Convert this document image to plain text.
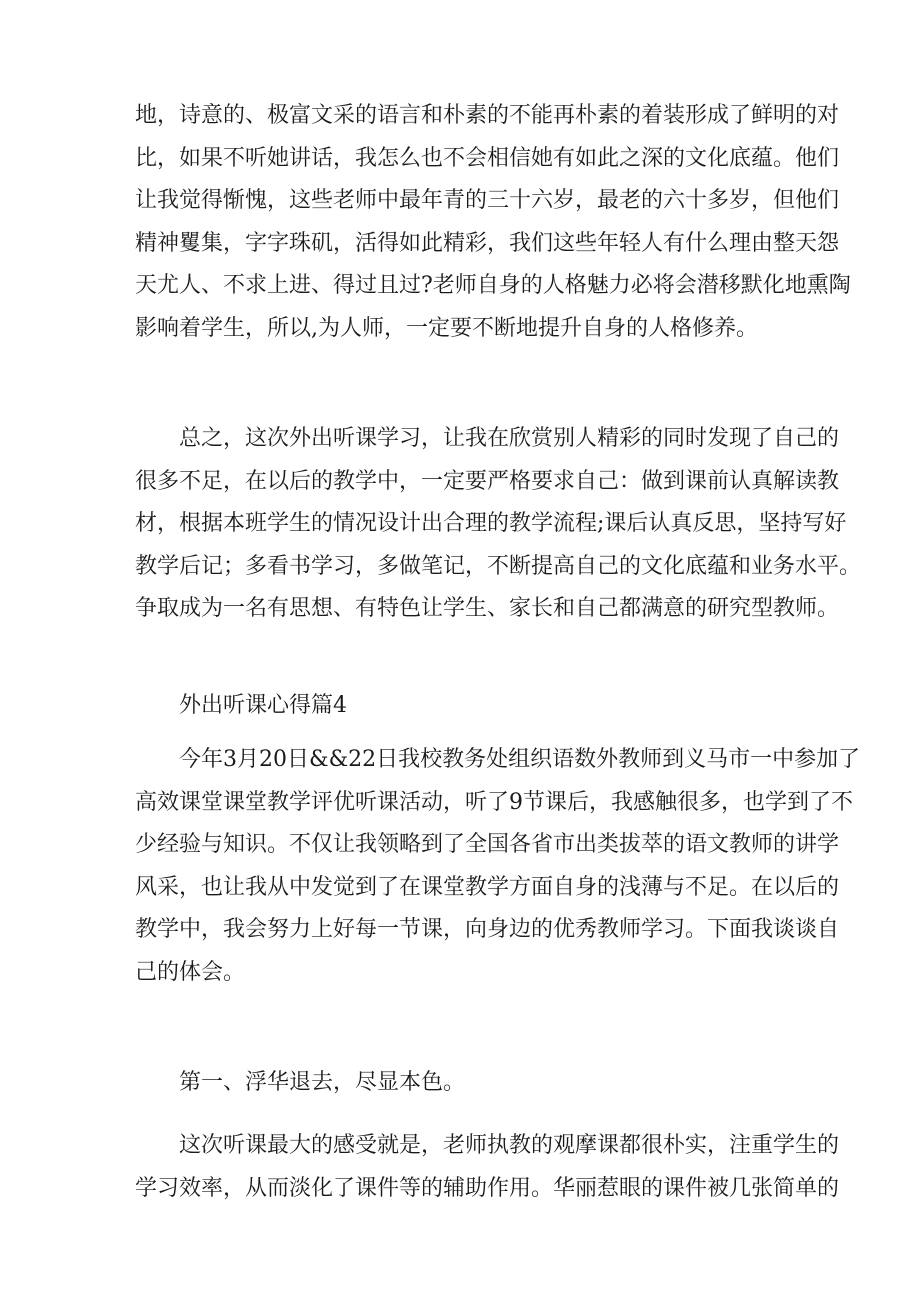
地，诗意的、极富文采的语言和朴素的不能再朴素的着装形成了鲜明的对
比，如果不听她讲话，我怎么也不会相信她有如此之深的文化底蕴。他们
让我觉得惭愧，这些老师中最年青的三十六岁，最老的六十多岁，但他们
精神矍集，字字珠矶，活得如此精彩，我们这些年轻人有什么理由整天怨
天尤人、不求上进、得过且过?老师自身的人格魅力必将会潜移默化地熏陶
影响着学生，所以,为人师，一定要不断地提升自身的人格修养。
总之，这次外出听课学习，让我在欣赏别人精彩的同时发现了自己的
很多不足，在以后的教学中，一定要严格要求自己：做到课前认真解读教
材，根据本班学生的情况设计出合理的教学流程;课后认真反思，坚持写好
教学后记；多看书学习，多做笔记，不断提高自己的文化底蕴和业务水平。
争取成为一名有思想、有特色让学生、家长和自己都满意的研究型教师。
外出听课心得篇4
今年3月20日&&22日我校教务处组织语数外教师到义马市一中参加了
高效课堂课堂教学评优听课活动，听了9节课后，我感触很多，也学到了不
少经验与知识。不仅让我领略到了全国各省市出类拔萃的语文教师的讲学
风采，也让我从中发觉到了在课堂教学方面自身的浅薄与不足。在以后的
教学中，我会努力上好每一节课，向身边的优秀教师学习。下面我谈谈自
己的体会。
第一、浮华退去，尽显本色。
这次听课最大的感受就是，老师执教的观摩课都很朴实，注重学生的
学习效率，从而淡化了课件等的辅助作用。华丽惹眼的课件被几张简单的
